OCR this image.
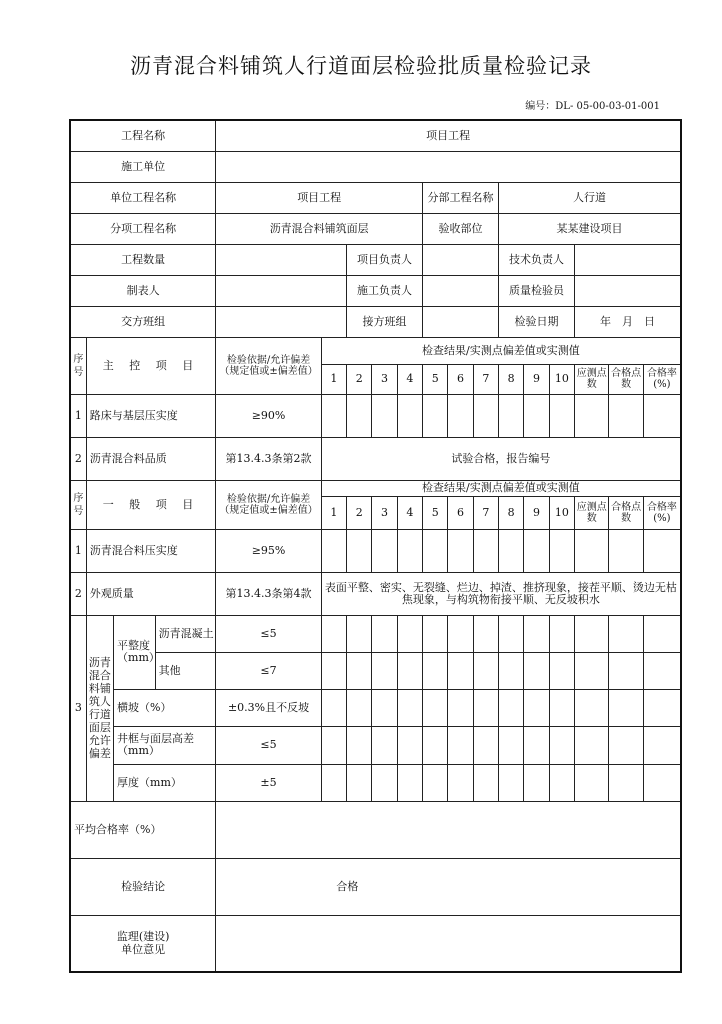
沥青混合料铺筑人行道面层检验批质量检验记录
编号：DL- 05-00-03-01-001
工程名称				项目工程													
施工单位																	
单位工程名称				项目工程					分部工程名称			人行道					
分项工程名称				沥青混合料铺筑面层					验收部位			某某建设项目					
工程数量						项目负责人						技术负责人					
制表人						施工负责人						质量检验员					
交方班组						接方班组						检验日期			年　月　日		

序号	主 控 项 目			检验依据/允许偏差（规定值或±偏差值）	检查结果/实测点偏差值或实测值												
					1	2	3	4	5	6	7	8	9	10	应测点数	合格点数	合格率(%)
1	路床与基层压实度			≥90%													
2	沥青混合料品质			第13.4.3条第2款	试验合格，报告编号												

序号	一 般 项 目			检验依据/允许偏差（规定值或±偏差值）	检查结果/实测点偏差值或实测值												
					1	2	3	4	5	6	7	8	9	10	应测点数	合格点数	合格率(%)
1	沥青混合料压实度			≥95%													
2	外观质量			第13.4.3条第4款	表面平整、密实、无裂缝、烂边、掉渣、推挤现象，接茬平顺、烫边无枯焦现象，与构筑物衔接平顺、无反坡积水												
3	沥青混合料铺筑人行道面层允许偏差	平整度（mm）	沥青混凝土	≤5													
			其他	≤7													
		横坡（%）		±0.3%且不反坡													
		井框与面层高差（mm）		≤5													
		厚度（mm）		±5													
平均合格率（%）																	
检验结论				合格													

监理(建设)单位意见																	
